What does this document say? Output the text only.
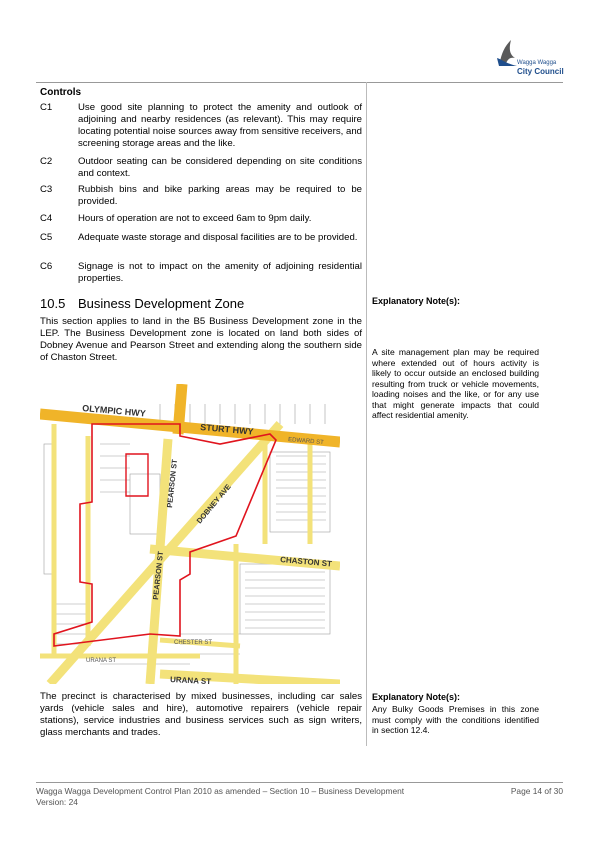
Wagga Wagga
City Council
Controls
C1	Use good site planning to protect the amenity and outlook of adjoining and nearby residences (as relevant). This may require locating potential noise sources away from sensitive receivers, and screening storage areas and the like.
C2	Outdoor seating can be considered depending on site conditions and context.
C3	Rubbish bins and bike parking areas may be required to be provided.
C4	Hours of operation are not to exceed 6am to 9pm daily.
C5	Adequate waste storage and disposal facilities are to be provided.
C6	Signage is not to impact on the amenity of adjoining residential properties.
10.5 Business Development Zone
This section applies to land in the B5 Business Development zone in the LEP. The Business Development zone is located on land both sides of Dobney Avenue and Pearson Street and extending along the southern side of Chaston Street.
OLYMPIC HWY
STURT HWY
EDWARD ST
PEARSON ST
PEARSON ST
DOBNEY AVE
CHASTON ST
URANA ST
URANA ST
CHESTER ST
The precinct is characterised by mixed businesses, including car sales yards (vehicle sales and hire), automotive repairers (vehicle repair stations), service industries and business services such as sign writers, glass merchants and trades.
Explanatory Note(s):
A site management plan may be required where extended out of hours activity is likely to occur outside an enclosed building resulting from truck or vehicle movements, loading noises and the like, or for any use that might generate impacts that could affect residential amenity.
Explanatory Note(s):
Any Bulky Goods Premises in this zone must comply with the conditions identified in section 12.4.
Wagga Wagga Development Control Plan 2010 as amended – Section 10 – Business Development
Version: 24
Page 14 of 30
